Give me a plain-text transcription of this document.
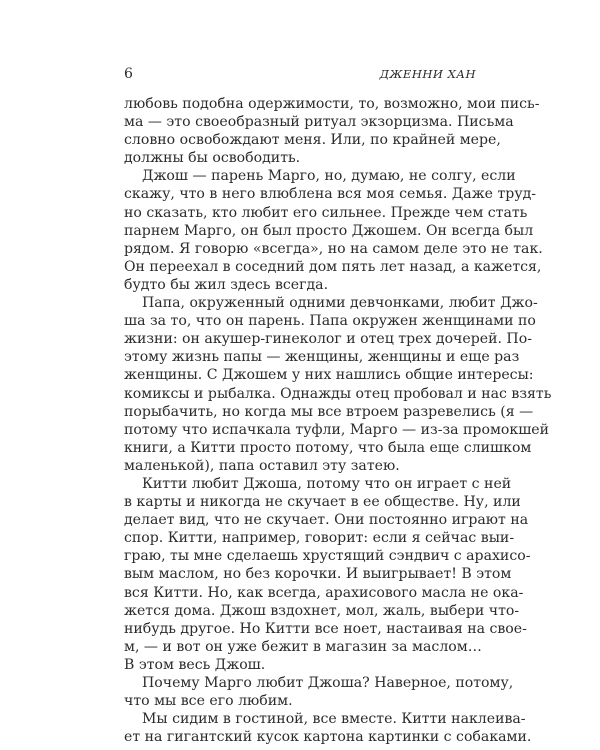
6	ДЖЕННИ ХАН
любовь подобна одержимости, то, возможно, мои пись-
ма — это своеобразный ритуал экзорцизма. Письма
словно освобождают меня. Или, по крайней мере,
должны бы освободить.
Джош — парень Марго, но, думаю, не солгу, если
скажу, что в него влюблена вся моя семья. Даже труд-
но сказать, кто любит его сильнее. Прежде чем стать
парнем Марго, он был просто Джошем. Он всегда был
рядом. Я говорю «всегда», но на самом деле это не так.
Он переехал в соседний дом пять лет назад, а кажется,
будто бы жил здесь всегда.
Папа, окруженный одними девчонками, любит Джо-
ша за то, что он парень. Папа окружен женщинами по
жизни: он акушер-гинеколог и отец трех дочерей. По-
этому жизнь папы — женщины, женщины и еще раз
женщины. С Джошем у них нашлись общие интересы:
комиксы и рыбалка. Однажды отец пробовал и нас взять
порыбачить, но когда мы все втроем разревелись (я —
потому что испачкала туфли, Марго — из-за промокшей
книги, а Китти просто потому, что была еще слишком
маленькой), папа оставил эту затею.
Китти любит Джоша, потому что он играет с ней
в карты и никогда не скучает в ее обществе. Ну, или
делает вид, что не скучает. Они постоянно играют на
спор. Китти, например, говорит: если я сейчас выи-
граю, ты мне сделаешь хрустящий сэндвич с арахисо-
вым маслом, но без корочки. И выигрывает! В этом
вся Китти. Но, как всегда, арахисового масла не ока-
жется дома. Джош вздохнет, мол, жаль, выбери что-
нибудь другое. Но Китти все ноет, настаивая на свое-
м, — и вот он уже бежит в магазин за маслом…
В этом весь Джош.
Почему Марго любит Джоша? Наверное, потому,
что мы все его любим.
Мы сидим в гостиной, все вместе. Китти наклеива-
ет на гигантский кусок картона картинки с собаками.
